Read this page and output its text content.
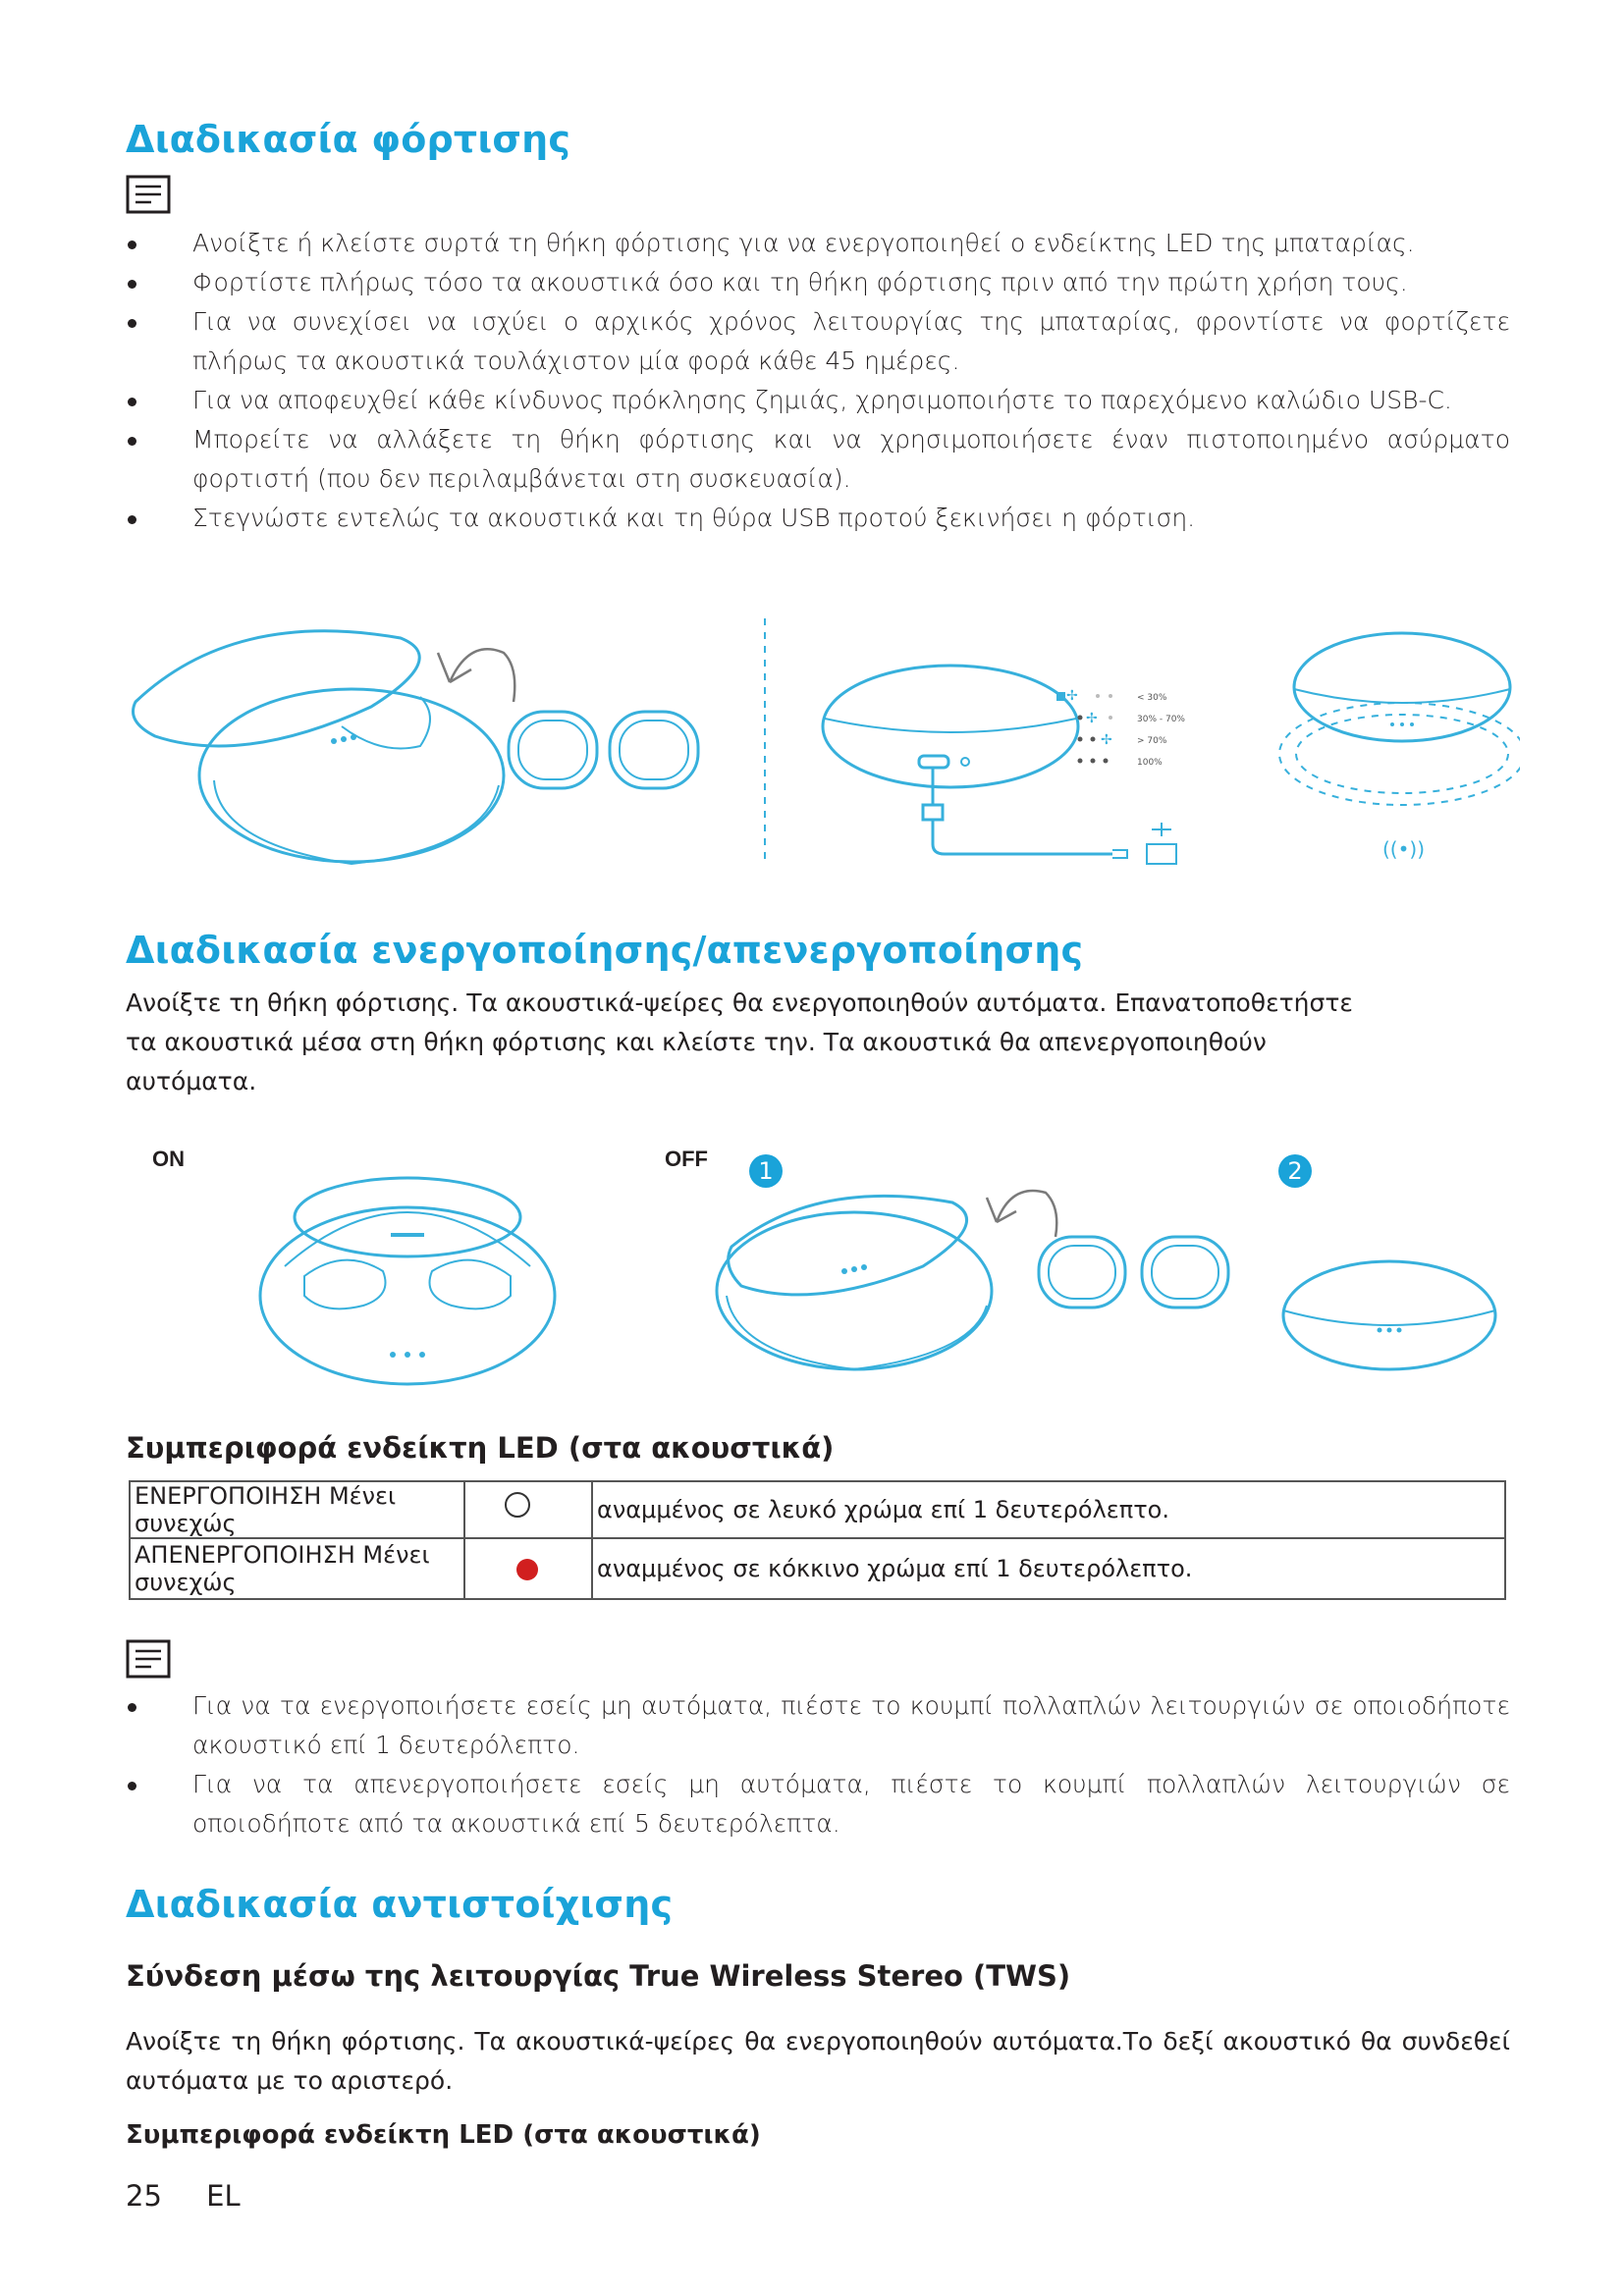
Διαδικασία φόρτισης
Ανοίξτε ή κλείστε συρτά τη θήκη φόρτισης για να ενεργοποιηθεί ο ενδείκτης LED της μπαταρίας.
Φορτίστε πλήρως τόσο τα ακουστικά όσο και τη θήκη φόρτισης πριν από την πρώτη χρήση τους.
Για να συνεχίσει να ισχύει ο αρχικός χρόνος λειτουργίας της μπαταρίας, φροντίστε να φορτίζετε πλήρως τα ακουστικά τουλάχιστον μία φορά κάθε 45 ημέρες.
Για να αποφευχθεί κάθε κίνδυνος πρόκλησης ζημιάς, χρησιμοποιήστε το παρεχόμενο καλώδιο USB-C.
Μπορείτε να αλλάξετε τη θήκη φόρτισης και να χρησιμοποιήσετε έναν πιστοποιημένο ασύρματο φορτιστή (που δεν περιλαμβάνεται στη συσκευασία).
Στεγνώστε εντελώς τα ακουστικά και τη θύρα USB προτού ξεκινήσει η φόρτιση.
✢
✢
✢
< 30%
30% - 70%
> 70%
100%
((•))
Διαδικασία ενεργοποίησης/απενεργοποίησης

Ανοίξτε τη θήκη φόρτισης. Τα ακουστικά-ψείρες θα ενεργοποιηθούν αυτόματα. Επανατοποθετήστε τα ακουστικά μέσα στη θήκη φόρτισης και κλείστε την. Τα ακουστικά θα απενεργοποιηθούν αυτόματα.

ON	OFF	1	2
Συμπεριφορά ενδείκτη LED (στα ακουστικά)
ΕΝΕΡΓΟΠΟΙΗΣΗ Μένει συνεχώς		αναμμένος σε λευκό χρώμα επί 1 δευτερόλεπτο.
ΑΠΕΝΕΡΓΟΠΟΙΗΣΗ Μένει συνεχώς		αναμμένος σε κόκκινο χρώμα επί 1 δευτερόλεπτο.
Για να τα ενεργοποιήσετε εσείς μη αυτόματα, πιέστε το κουμπί πολλαπλών λειτουργιών σε οποιοδήποτε ακουστικό επί 1 δευτερόλεπτο.
Για να τα απενεργοποιήσετε εσείς μη αυτόματα, πιέστε το κουμπί πολλαπλών λειτουργιών σε οποιοδήποτε από τα ακουστικά επί 5 δευτερόλεπτα.
Διαδικασία αντιστοίχισης
Σύνδεση μέσω της λειτουργίας True Wireless Stereo (TWS)

Ανοίξτε τη θήκη φόρτισης. Τα ακουστικά-ψείρες θα ενεργοποιηθούν αυτόματα.Το δεξί ακουστικό θα συνδεθεί αυτόματα με το αριστερό.

Συμπεριφορά ενδείκτη LED (στα ακουστικά)
25 EL
